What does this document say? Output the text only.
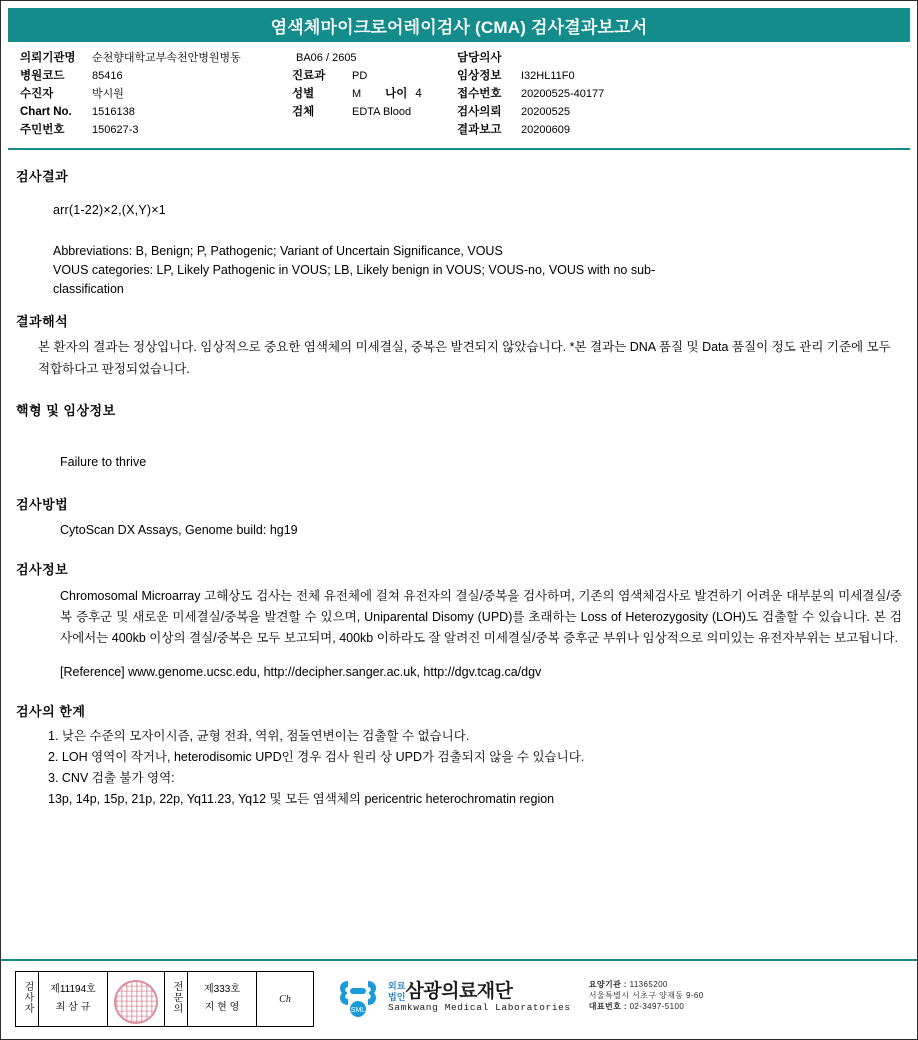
염색체마이크로어레이검사 (CMA) 검사결과보고서
의뢰기관명	순천향대학교부속천안병원병동
병원코드	85416
수진자	박시원
Chart No.	1516138
주민번호	150627-3
BA06 / 2605
진료과	PD
성별	M 나이 4
검체	EDTA Blood
담당의사
임상정보	I32HL11F0
접수번호	20200525-40177
검사의뢰	20200525
결과보고	20200609
검사결과
arr(1-22)×2,(X,Y)×1
Abbreviations: B, Benign; P, Pathogenic; Variant of Uncertain Significance, VOUS
VOUS categories: LP, Likely Pathogenic in VOUS; LB, Likely benign in VOUS; VOUS-no, VOUS with no sub-
classification
결과해석
본 환자의 결과는 정상입니다. 임상적으로 중요한 염색체의 미세결실, 중복은 발견되지 않았습니다. *본 결과는 DNA 품질 및 Data 품질이 정도 관리 기준에 모두 적합하다고 판정되었습니다.
핵형 및 임상정보
Failure to thrive
검사방법
CytoScan DX Assays, Genome build: hg19
검사정보
Chromosomal Microarray 고해상도 검사는 전체 유전체에 걸쳐 유전자의 결실/중복을 검사하며, 기존의 염색체검사로 발견하기 어려운 대부분의 미세결실/중복 증후군 및 새로운 미세결실/중복을 발견할 수 있으며, Uniparental Disomy (UPD)를 초래하는 Loss of Heterozygosity (LOH)도 검출할 수 있습니다. 본 검사에서는 400kb 이상의 결실/중복은 모두 보고되며, 400kb 이하라도 잘 알려진 미세결실/중복 증후군 부위나 임상적으로 의미있는 유전자부위는 보고됩니다.
[Reference] www.genome.ucsc.edu, http://decipher.sanger.ac.uk, http://dgv.tcag.ca/dgv
검사의 한계
1. 낮은 수준의 모자이시즘, 균형 전좌, 역위, 점돌연변이는 검출할 수 없습니다.
2. LOH 영역이 작거나, heterodisomic UPD인 경우 검사 원리 상 UPD가 검출되지 않을 수 있습니다.
3. CNV 검출 불가 영역:
13p, 14p, 15p, 21p, 22p, Yq11.23, Yq12 및 모든 염색체의 pericentric heterochromatin region
검사자	제11194호
최 삼 규		전문의	제333호
지 현 영
	Ch
SML
외료
법인 삼광의료재단
Samkwang Medical Laboratories
요양기관 : 11365200
서울특별시 서초구 양재동 9-60
대표번호 : 02-3497-5100
